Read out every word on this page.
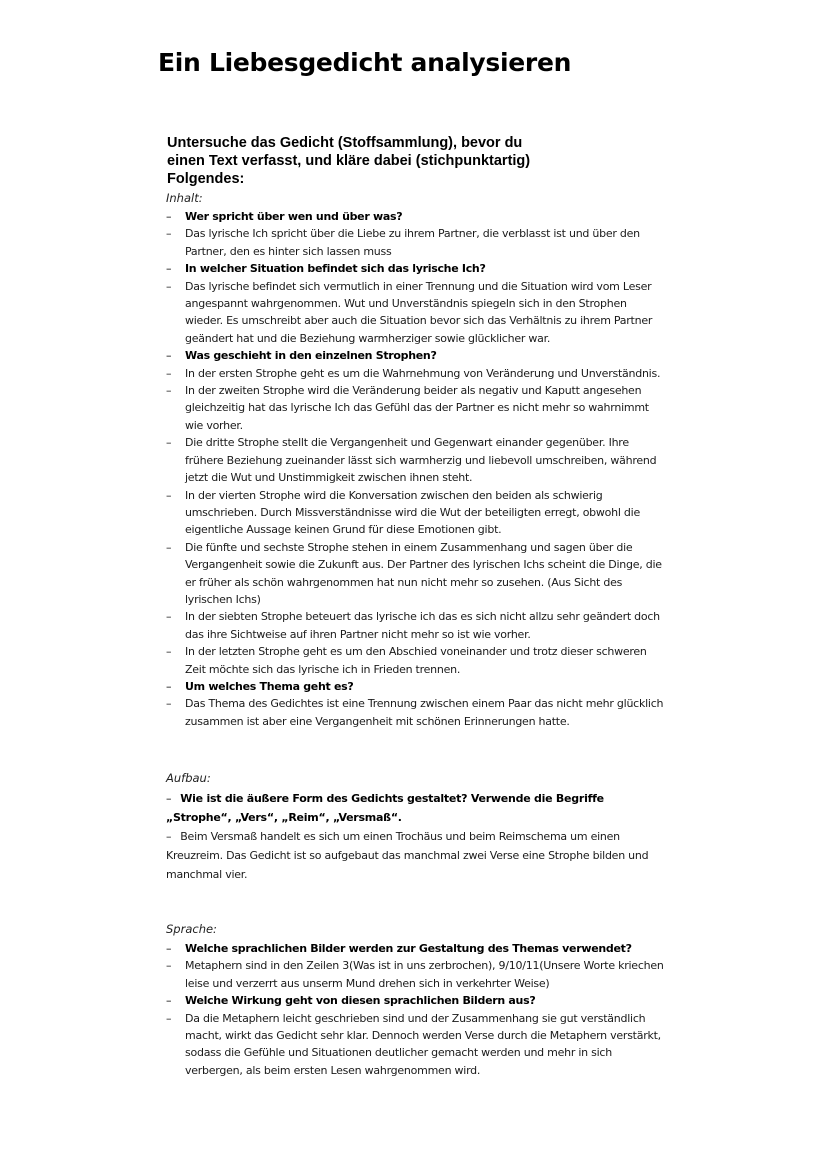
Ein Liebesgedicht analysieren

Untersuche das Gedicht (Stoffsammlung), bevor du einen Text verfasst, und kläre dabei (stichpunktartig) Folgendes:

Inhalt:
– Wer spricht über wen und über was?
– Das lyrische Ich spricht über die Liebe zu ihrem Partner, die verblasst ist und über den Partner, den es hinter sich lassen muss
– In welcher Situation befindet sich das lyrische Ich?
– Das lyrische befindet sich vermutlich in einer Trennung und die Situation wird vom Leser angespannt wahrgenommen. Wut und Unverständnis spiegeln sich in den Strophen wieder. Es umschreibt aber auch die Situation bevor sich das Verhältnis zu ihrem Partner geändert hat und die Beziehung warmherziger sowie glücklicher war.
– Was geschieht in den einzelnen Strophen?
– In der ersten Strophe geht es um die Wahrnehmung von Veränderung und Unverständnis.
– In der zweiten Strophe wird die Veränderung beider als negativ und Kaputt angesehen gleichzeitig hat das lyrische Ich das Gefühl das der Partner es nicht mehr so wahrnimmt wie vorher.
– Die dritte Strophe stellt die Vergangenheit und Gegenwart einander gegenüber. Ihre frühere Beziehung zueinander lässt sich warmherzig und liebevoll umschreiben, während jetzt die Wut und Unstimmigkeit zwischen ihnen steht.
– In der vierten Strophe wird die Konversation zwischen den beiden als schwierig umschrieben. Durch Missverständnisse wird die Wut der beteiligten erregt, obwohl die eigentliche Aussage keinen Grund für diese Emotionen gibt.
– Die fünfte und sechste Strophe stehen in einem Zusammenhang und sagen über die Vergangenheit sowie die Zukunft aus. Der Partner des lyrischen Ichs scheint die Dinge, die er früher als schön wahrgenommen hat nun nicht mehr so zusehen. (Aus Sicht des lyrischen Ichs)
– In der siebten Strophe beteuert das lyrische ich das es sich nicht allzu sehr geändert doch das ihre Sichtweise auf ihren Partner nicht mehr so ist wie vorher.
– In der letzten Strophe geht es um den Abschied voneinander und trotz dieser schweren Zeit möchte sich das lyrische ich in Frieden trennen.
– Um welches Thema geht es?
– Das Thema des Gedichtes ist eine Trennung zwischen einem Paar das nicht mehr glücklich zusammen ist aber eine Vergangenheit mit schönen Erinnerungen hatte.
Aufbau:

– Wie ist die äußere Form des Gedichts gestaltet? Verwende die Begriffe „Strophe“, „Vers“, „Reim“, „Versmaß“.

– Beim Versmaß handelt es sich um einen Trochäus und beim Reimschema um einen Kreuzreim. Das Gedicht ist so aufgebaut das manchmal zwei Verse eine Strophe bilden und manchmal vier.

Sprache:
– Welche sprachlichen Bilder werden zur Gestaltung des Themas verwendet?
– Metaphern sind in den Zeilen 3(Was ist in uns zerbrochen), 9/10/11(Unsere Worte kriechen leise und verzerrt aus unserm Mund drehen sich in verkehrter Weise)
– Welche Wirkung geht von diesen sprachlichen Bildern aus?
– Da die Metaphern leicht geschrieben sind und der Zusammenhang sie gut verständlich macht, wirkt das Gedicht sehr klar. Dennoch werden Verse durch die Metaphern verstärkt, sodass die Gefühle und Situationen deutlicher gemacht werden und mehr in sich verbergen, als beim ersten Lesen wahrgenommen wird.
